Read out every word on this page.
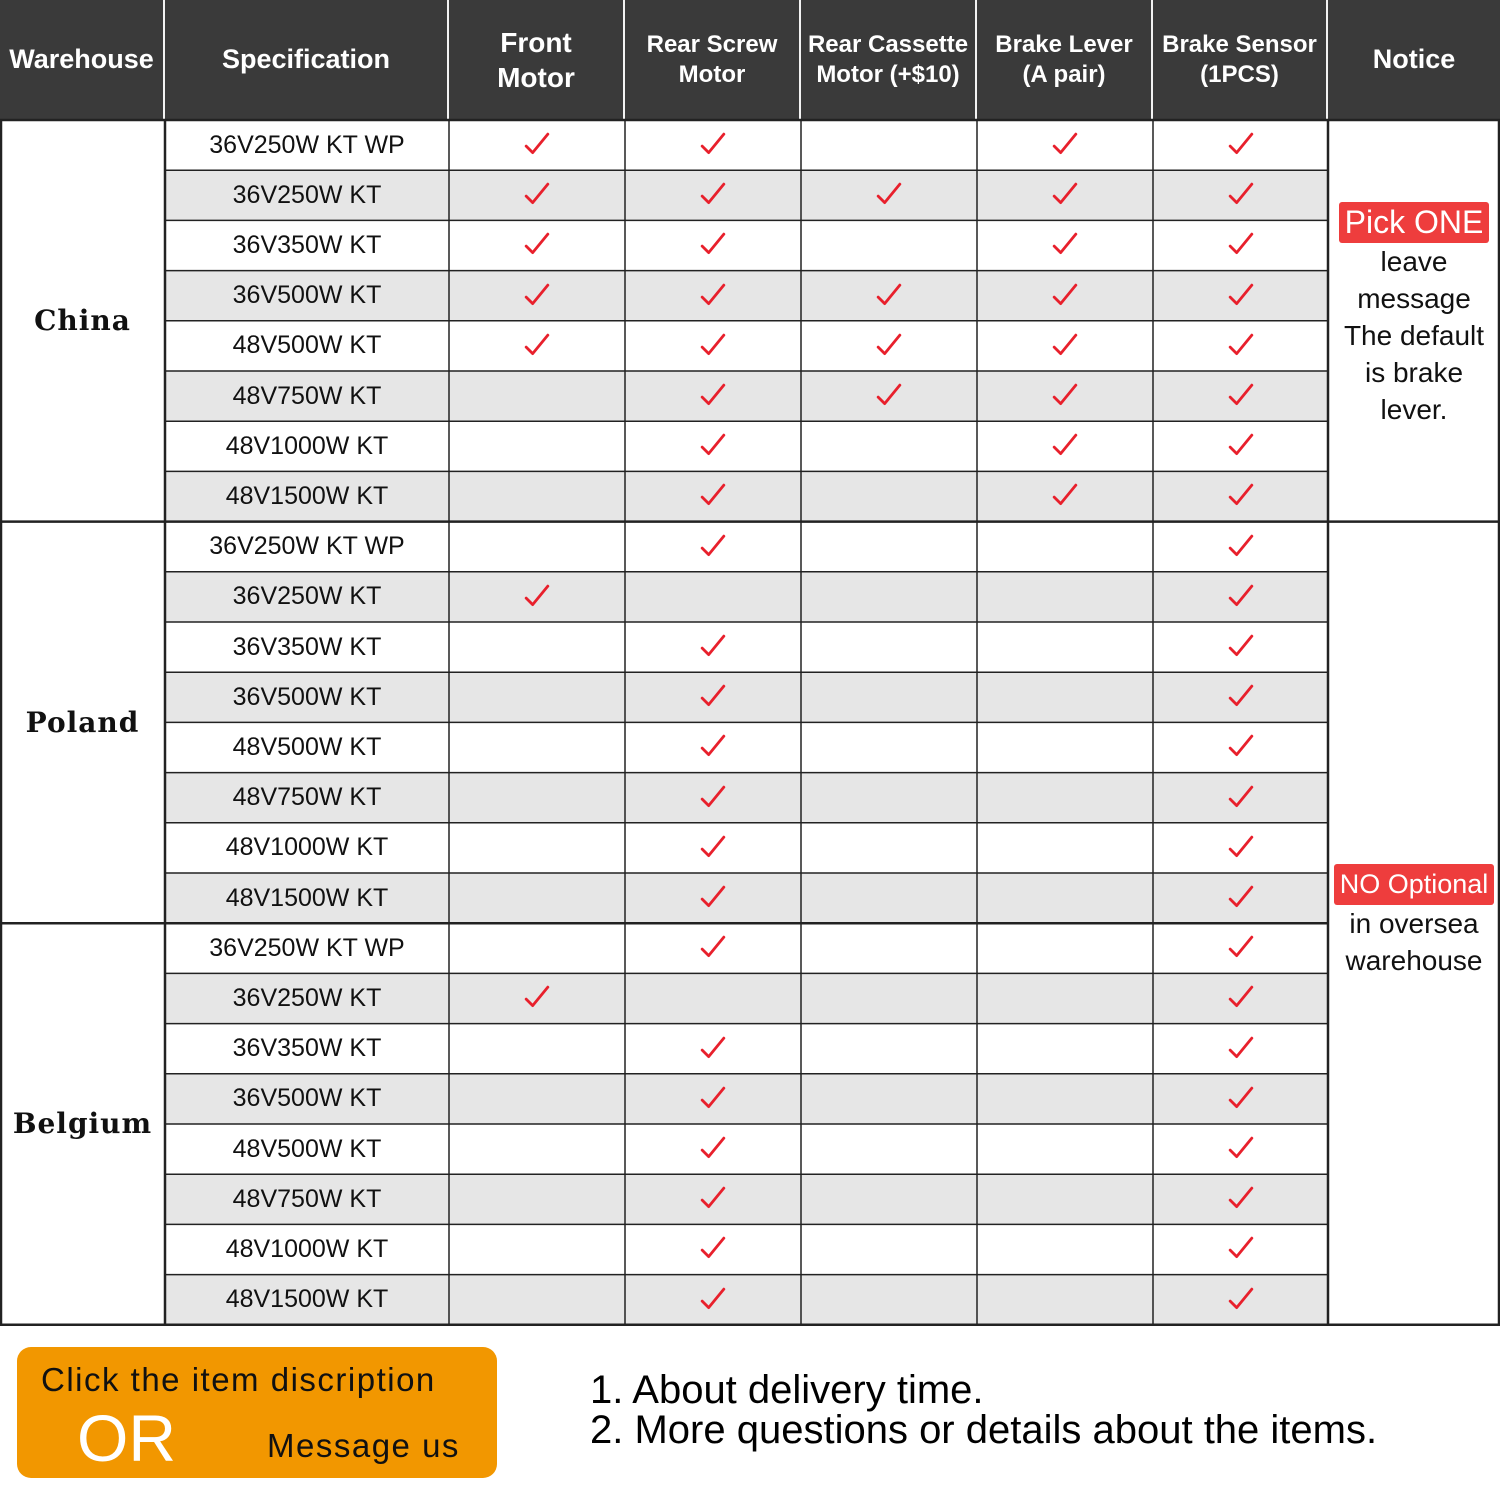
Warehouse	Specification
Front
Motor
Rear Screw
Motor
Rear Cassette
Motor (+$10)
Brake Lever
(A pair)
Brake Sensor
(1PCS)
Notice
36V250W KT WP
36V250W KT
36V350W KT
36V500W KT
48V500W KT
48V750W KT
48V1000W KT
48V1500W KT
China
36V250W KT WP
36V250W KT
36V350W KT
36V500W KT
48V500W KT
48V750W KT
48V1000W KT
48V1500W KT
Poland
36V250W KT WP
36V250W KT
36V350W KT
36V500W KT
48V500W KT
48V750W KT
48V1000W KT
48V1500W KT
Belgium
Pick ONE
leave
message
The default
is brake
lever.
NO Optional
in oversea
warehouse
Click the item discription
OR	Message us
1. About delivery time.
2. More questions or details about the items.
